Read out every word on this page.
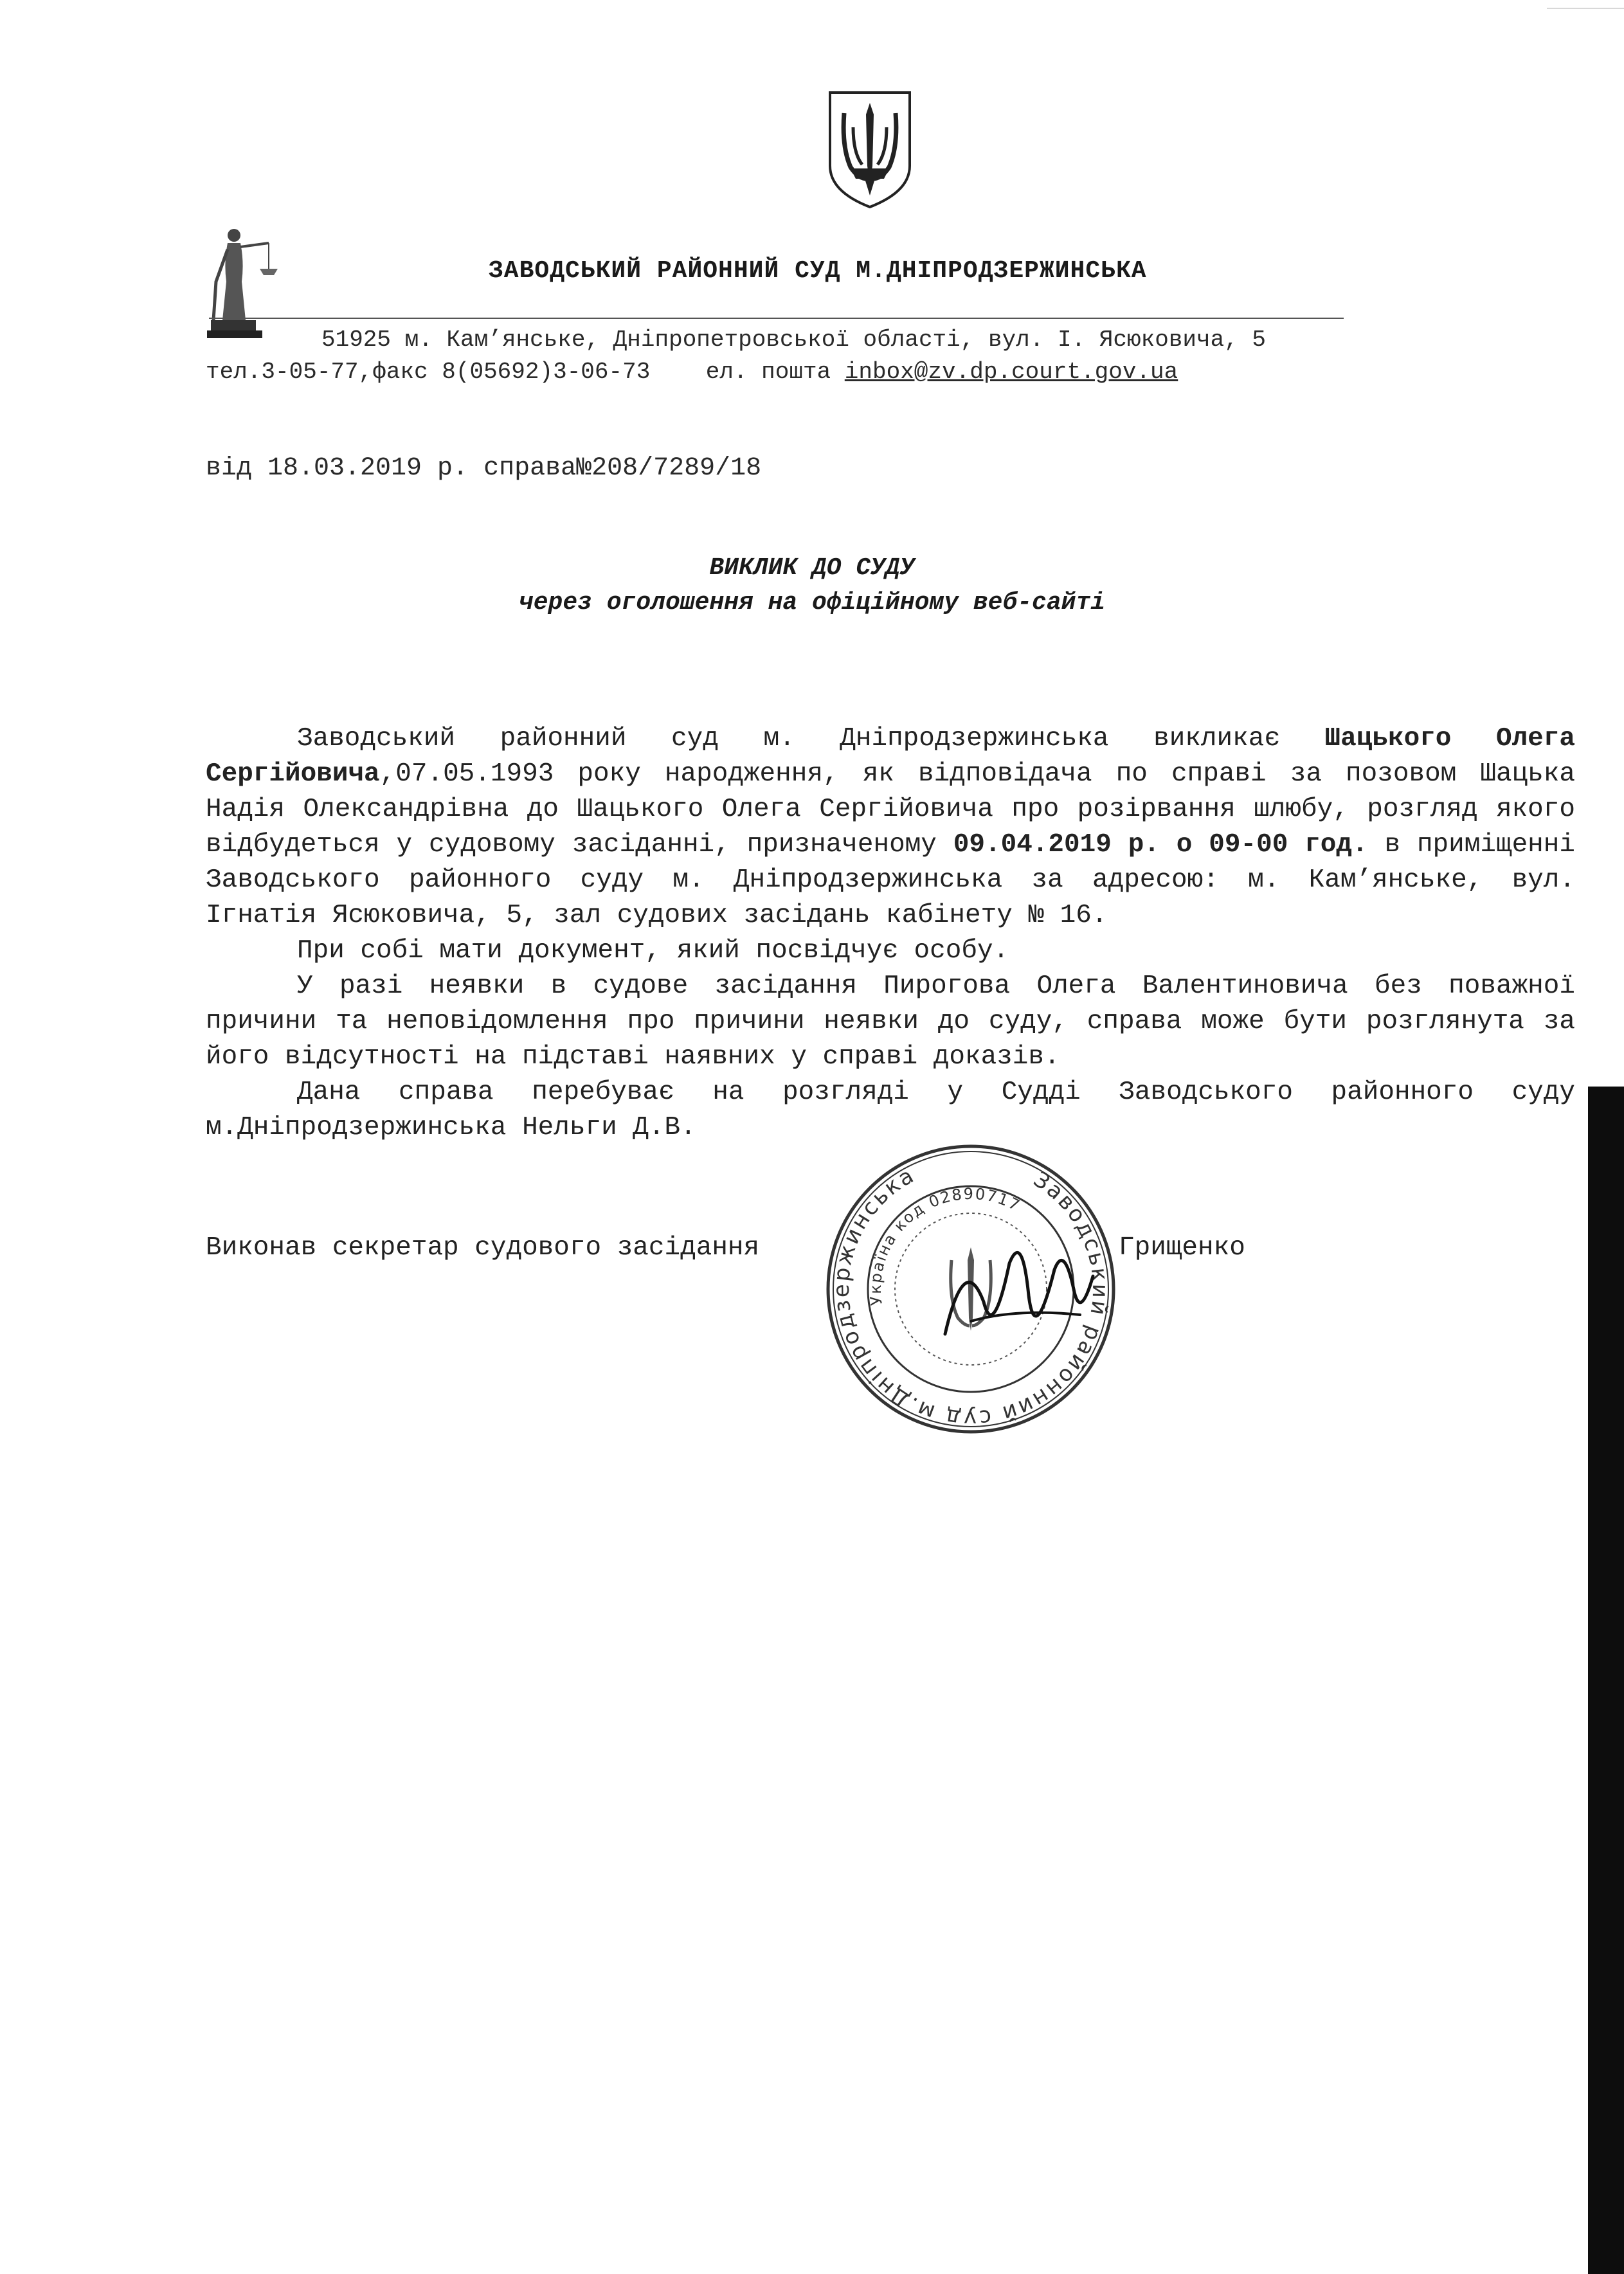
ЗАВОДСЬКИЙ РАЙОННИЙ СУД М.ДНІПРОДЗЕРЖИНСЬКА
51925 м. Кам’янське, Дніпропетровської області, вул. І. Ясюковича, 5
тел.3-05-77,факс 8(05692)3-06-73 ел. пошта inbox@zv.dp.court.gov.ua
від 18.03.2019 р. справа№208/7289/18
ВИКЛИК ДО СУДУ
через оголошення на офіційному веб-сайті

Заводський районний суд м. Дніпродзержинська викликає Шацького Олега Сергійовича,07.05.1993 року народження, як відповідача по справі за позовом Шацька Надія Олександрівна до Шацького Олега Сергійовича про розірвання шлюбу, розгляд якого відбудеться у судовому засіданні, призначеному 09.04.2019 р. о 09-00 год. в приміщенні Заводського районного суду м. Дніпродзержинська за адресою: м. Кам’янське, вул. Ігнатія Ясюковича, 5, зал судових засідань кабінету № 16.

При собі мати документ, який посвідчує особу.

У разі неявки в судове засідання Пирогова Олега Валентиновича без поважної причини та неповідомлення про причини неявки до суду, справа може бути розглянута за його відсутності на підставі наявних у справі доказів.

Дана справа перебуває на розгляді у Судді Заводського районного суду м.Дніпродзержинська Нельги Д.В.

Виконав секретар судового засідання	Грищенко
Заводський районний суд м.Дніпродзержинська
Україна код 02890717
